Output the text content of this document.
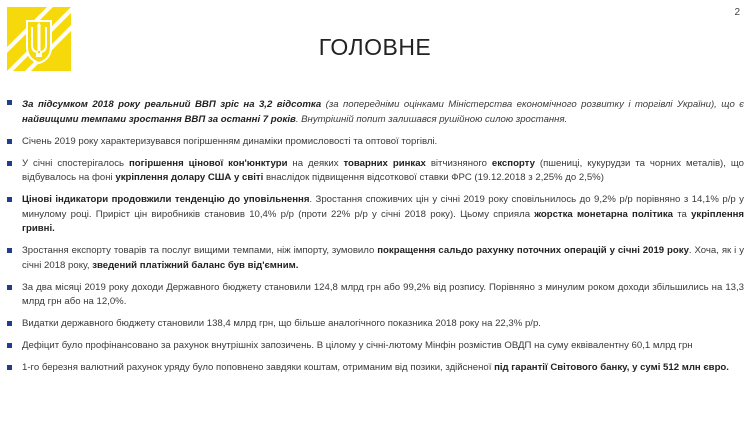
2
ГОЛОВНЕ
За підсумком 2018 року реальний ВВП зріс на 3,2 відсотка (за попередніми оцінками Міністерства економічного розвитку і торгівлі України), що є найвищими темпами зростання ВВП за останні 7 років. Внутрішній попит залишався рушійною силою зростання.
Січень 2019 року характеризувався погіршенням динаміки промисловості та оптової торгівлі.
У січні спостерігалось погіршення цінової кон'юнктури на деяких товарних ринках вітчизняного експорту (пшениці, кукурудзи та чорних металів), що відбувалось на фоні укріплення долару США у світі внаслідок підвищення відсоткової ставки ФРС (19.12.2018 з 2,25% до 2,5%)
Цінові індикатори продовжили тенденцію до уповільнення. Зростання споживчих цін у січні 2019 року сповільнилось до 9,2% р/р порівняно з 14,1% р/р у минулому році. Приріст цін виробників становив 10,4% р/р (проти 22% р/р у січні 2018 року). Цьому сприяла жорстка монетарна політика та укріплення гривні.
Зростання експорту товарів та послуг вищими темпами, ніж імпорту, зумовило покращення сальдо рахунку поточних операцій у січні 2019 року. Хоча, як і у січні 2018 року, зведений платіжний баланс був від'ємним.
За два місяці 2019 року доходи Державного бюджету становили 124,8 млрд грн або 99,2% від розпису. Порівняно з минулим роком доходи збільшились на 13,3 млрд грн або на 12,0%.
Видатки державного бюджету становили 138,4 млрд грн, що більше аналогічного показника 2018 року на 22,3% р/р.
Дефіцит було профінансовано за рахунок внутрішніх запозичень. В цілому у січні-лютому Мінфін розмістив ОВДП на суму еквівалентну 60,1 млрд грн
1-го березня валютний рахунок уряду було поповнено завдяки коштам, отриманим від позики, здійсненої під гарантії Світового банку, у сумі 512 млн євро.
